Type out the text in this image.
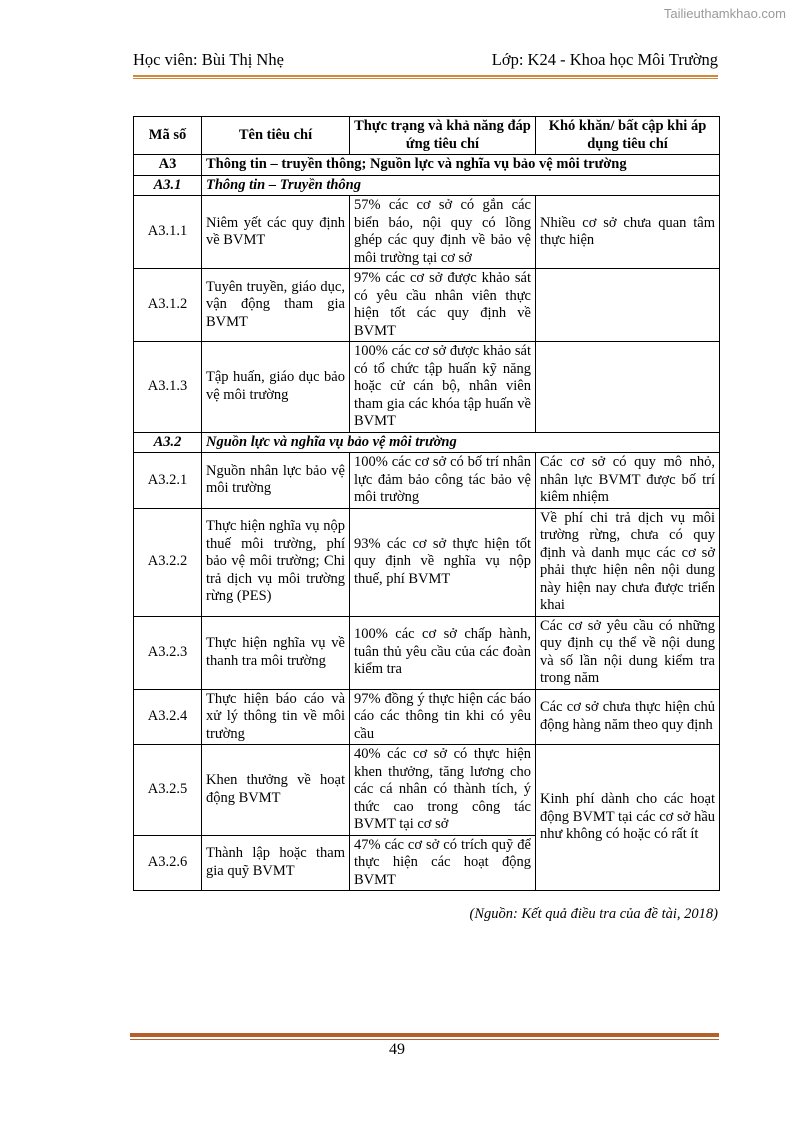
Tailieuthamkhao.com
Học viên: Bùi Thị Nhẹ	Lớp: K24 - Khoa học Môi Trường
Mã số	Tên tiêu chí	Thực trạng và khả năng đáp ứng tiêu chí	Khó khăn/ bất cập khi áp dụng tiêu chí
A3	Thông tin – truyền thông; Nguồn lực và nghĩa vụ bảo vệ môi trường		
A3.1	Thông tin – Truyền thông		
A3.1.1	Niêm yết các quy định về BVMT	57% các cơ sở có gắn các biển báo, nội quy có lồng ghép các quy định về bảo vệ môi trường tại cơ sở	Nhiều cơ sở chưa quan tâm thực hiện
A3.1.2	Tuyên truyền, giáo dục, vận động tham gia BVMT	97% các cơ sở được khảo sát có yêu cầu nhân viên thực hiện tốt các quy định về BVMT	
A3.1.3	Tập huấn, giáo dục bảo vệ môi trường	100% các cơ sở được khảo sát có tổ chức tập huấn kỹ năng hoặc cử cán bộ, nhân viên tham gia các khóa tập huấn về BVMT	
A3.2	Nguồn lực và nghĩa vụ bảo vệ môi trường		
A3.2.1	Nguồn nhân lực bảo vệ môi trường	100% các cơ sở có bố trí nhân lực đảm bảo công tác bảo vệ môi trường	Các cơ sở có quy mô nhỏ, nhân lực BVMT được bố trí kiêm nhiệm
A3.2.2	Thực hiện nghĩa vụ nộp thuế môi trường, phí bảo vệ môi trường; Chi trả dịch vụ môi trường rừng (PES)	93% các cơ sở thực hiện tốt quy định về nghĩa vụ nộp thuế, phí BVMT	Về phí chi trả dịch vụ môi trường rừng, chưa có quy định và danh mục các cơ sở phải thực hiện nên nội dung này hiện nay chưa được triển khai
A3.2.3	Thực hiện nghĩa vụ về thanh tra môi trường	100% các cơ sở chấp hành, tuân thủ yêu cầu của các đoàn kiểm tra	Các cơ sở yêu cầu có những quy định cụ thể về nội dung và số lần nội dung kiểm tra trong năm
A3.2.4	Thực hiện báo cáo và xử lý thông tin về môi trường	97% đồng ý thực hiện các báo cáo các thông tin khi có yêu cầu	Các cơ sở chưa thực hiện chủ động hàng năm theo quy định
A3.2.5	Khen thưởng về hoạt động BVMT	40% các cơ sở có thực hiện khen thưởng, tăng lương cho các cá nhân có thành tích, ý thức cao trong công tác BVMT tại cơ sở	Kinh phí dành cho các hoạt động BVMT tại các cơ sở hầu như không có hoặc có rất ít
A3.2.6	Thành lập hoặc tham gia quỹ BVMT	47% các cơ sở có trích quỹ để thực hiện các hoạt động BVMT	
(Nguồn: Kết quả điều tra của đề tài, 2018)
49
